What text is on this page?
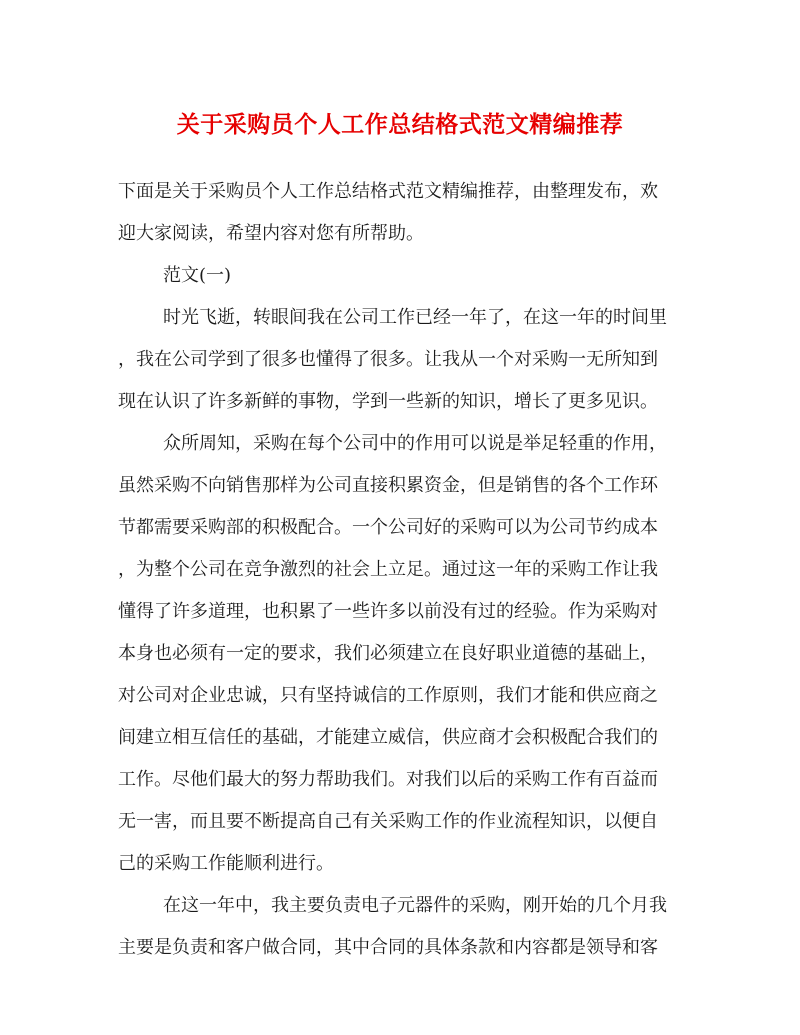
关于采购员个人工作总结格式范文精编推荐
下面是关于采购员个人工作总结格式范文精编推荐，由整理发布，欢
迎大家阅读，希望内容对您有所帮助。
范文(一)
时光飞逝，转眼间我在公司工作已经一年了，在这一年的时间里
，我在公司学到了很多也懂得了很多。让我从一个对采购一无所知到
现在认识了许多新鲜的事物，学到一些新的知识，增长了更多见识。
众所周知，采购在每个公司中的作用可以说是举足轻重的作用，
虽然采购不向销售那样为公司直接积累资金，但是销售的各个工作环
节都需要采购部的积极配合。一个公司好的采购可以为公司节约成本
，为整个公司在竞争激烈的社会上立足。通过这一年的采购工作让我
懂得了许多道理，也积累了一些许多以前没有过的经验。作为采购对
本身也必须有一定的要求，我们必须建立在良好职业道德的基础上，
对公司对企业忠诚，只有坚持诚信的工作原则，我们才能和供应商之
间建立相互信任的基础，才能建立威信，供应商才会积极配合我们的
工作。尽他们最大的努力帮助我们。对我们以后的采购工作有百益而
无一害，而且要不断提高自己有关采购工作的作业流程知识，以便自
己的采购工作能顺利进行。
在这一年中，我主要负责电子元器件的采购，刚开始的几个月我
主要是负责和客户做合同，其中合同的具体条款和内容都是领导和客
